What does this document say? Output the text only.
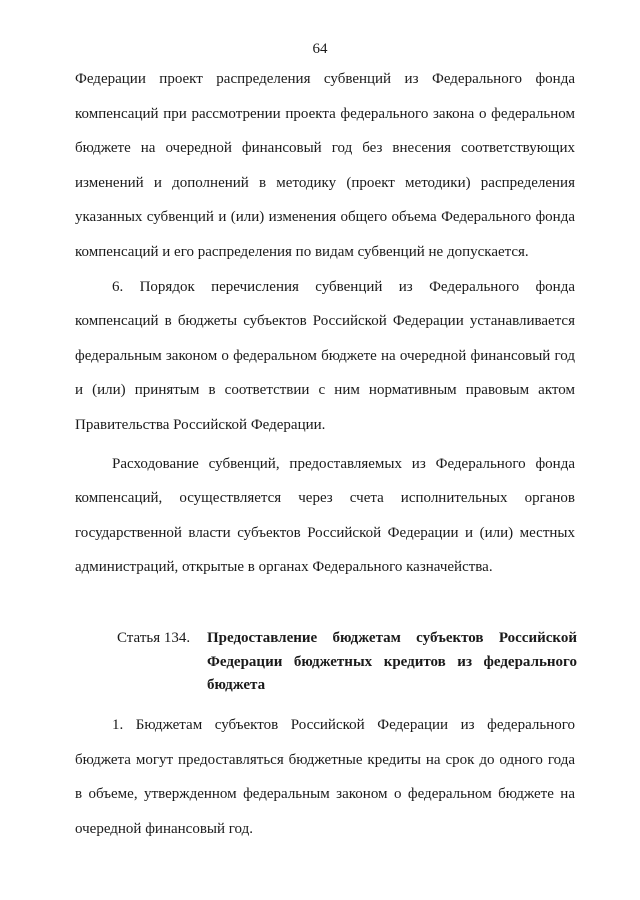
64

Федерации проект распределения субвенций из Федерального фонда компенсаций при рассмотрении проекта федерального закона о федеральном бюджете на очередной финансовый год без внесения соответствующих изменений и дополнений в методику (проект методики) распределения указанных субвенций и (или) изменения общего объема Федерального фонда компенсаций и его распределения по видам субвенций не допускается.

6. Порядок перечисления субвенций из Федерального фонда компенсаций в бюджеты субъектов Российской Федерации устанавливается федеральным законом о федеральном бюджете на очередной финансовый год и (или) принятым в соответствии с ним нормативным правовым актом Правительства Российской Федерации.

Расходование субвенций, предоставляемых из Федерального фонда компенсаций, осуществляется через счета исполнительных органов государственной власти субъектов Российской Федерации и (или) местных администраций, открытые в органах Федерального казначейства.

Статья 134.	Предоставление бюджетам субъектов Российской Федерации бюджетных кредитов из федерального бюджета

1. Бюджетам субъектов Российской Федерации из федерального бюджета могут предоставляться бюджетные кредиты на срок до одного года в объеме, утвержденном федеральным законом о федеральном бюджете на очередной финансовый год.
